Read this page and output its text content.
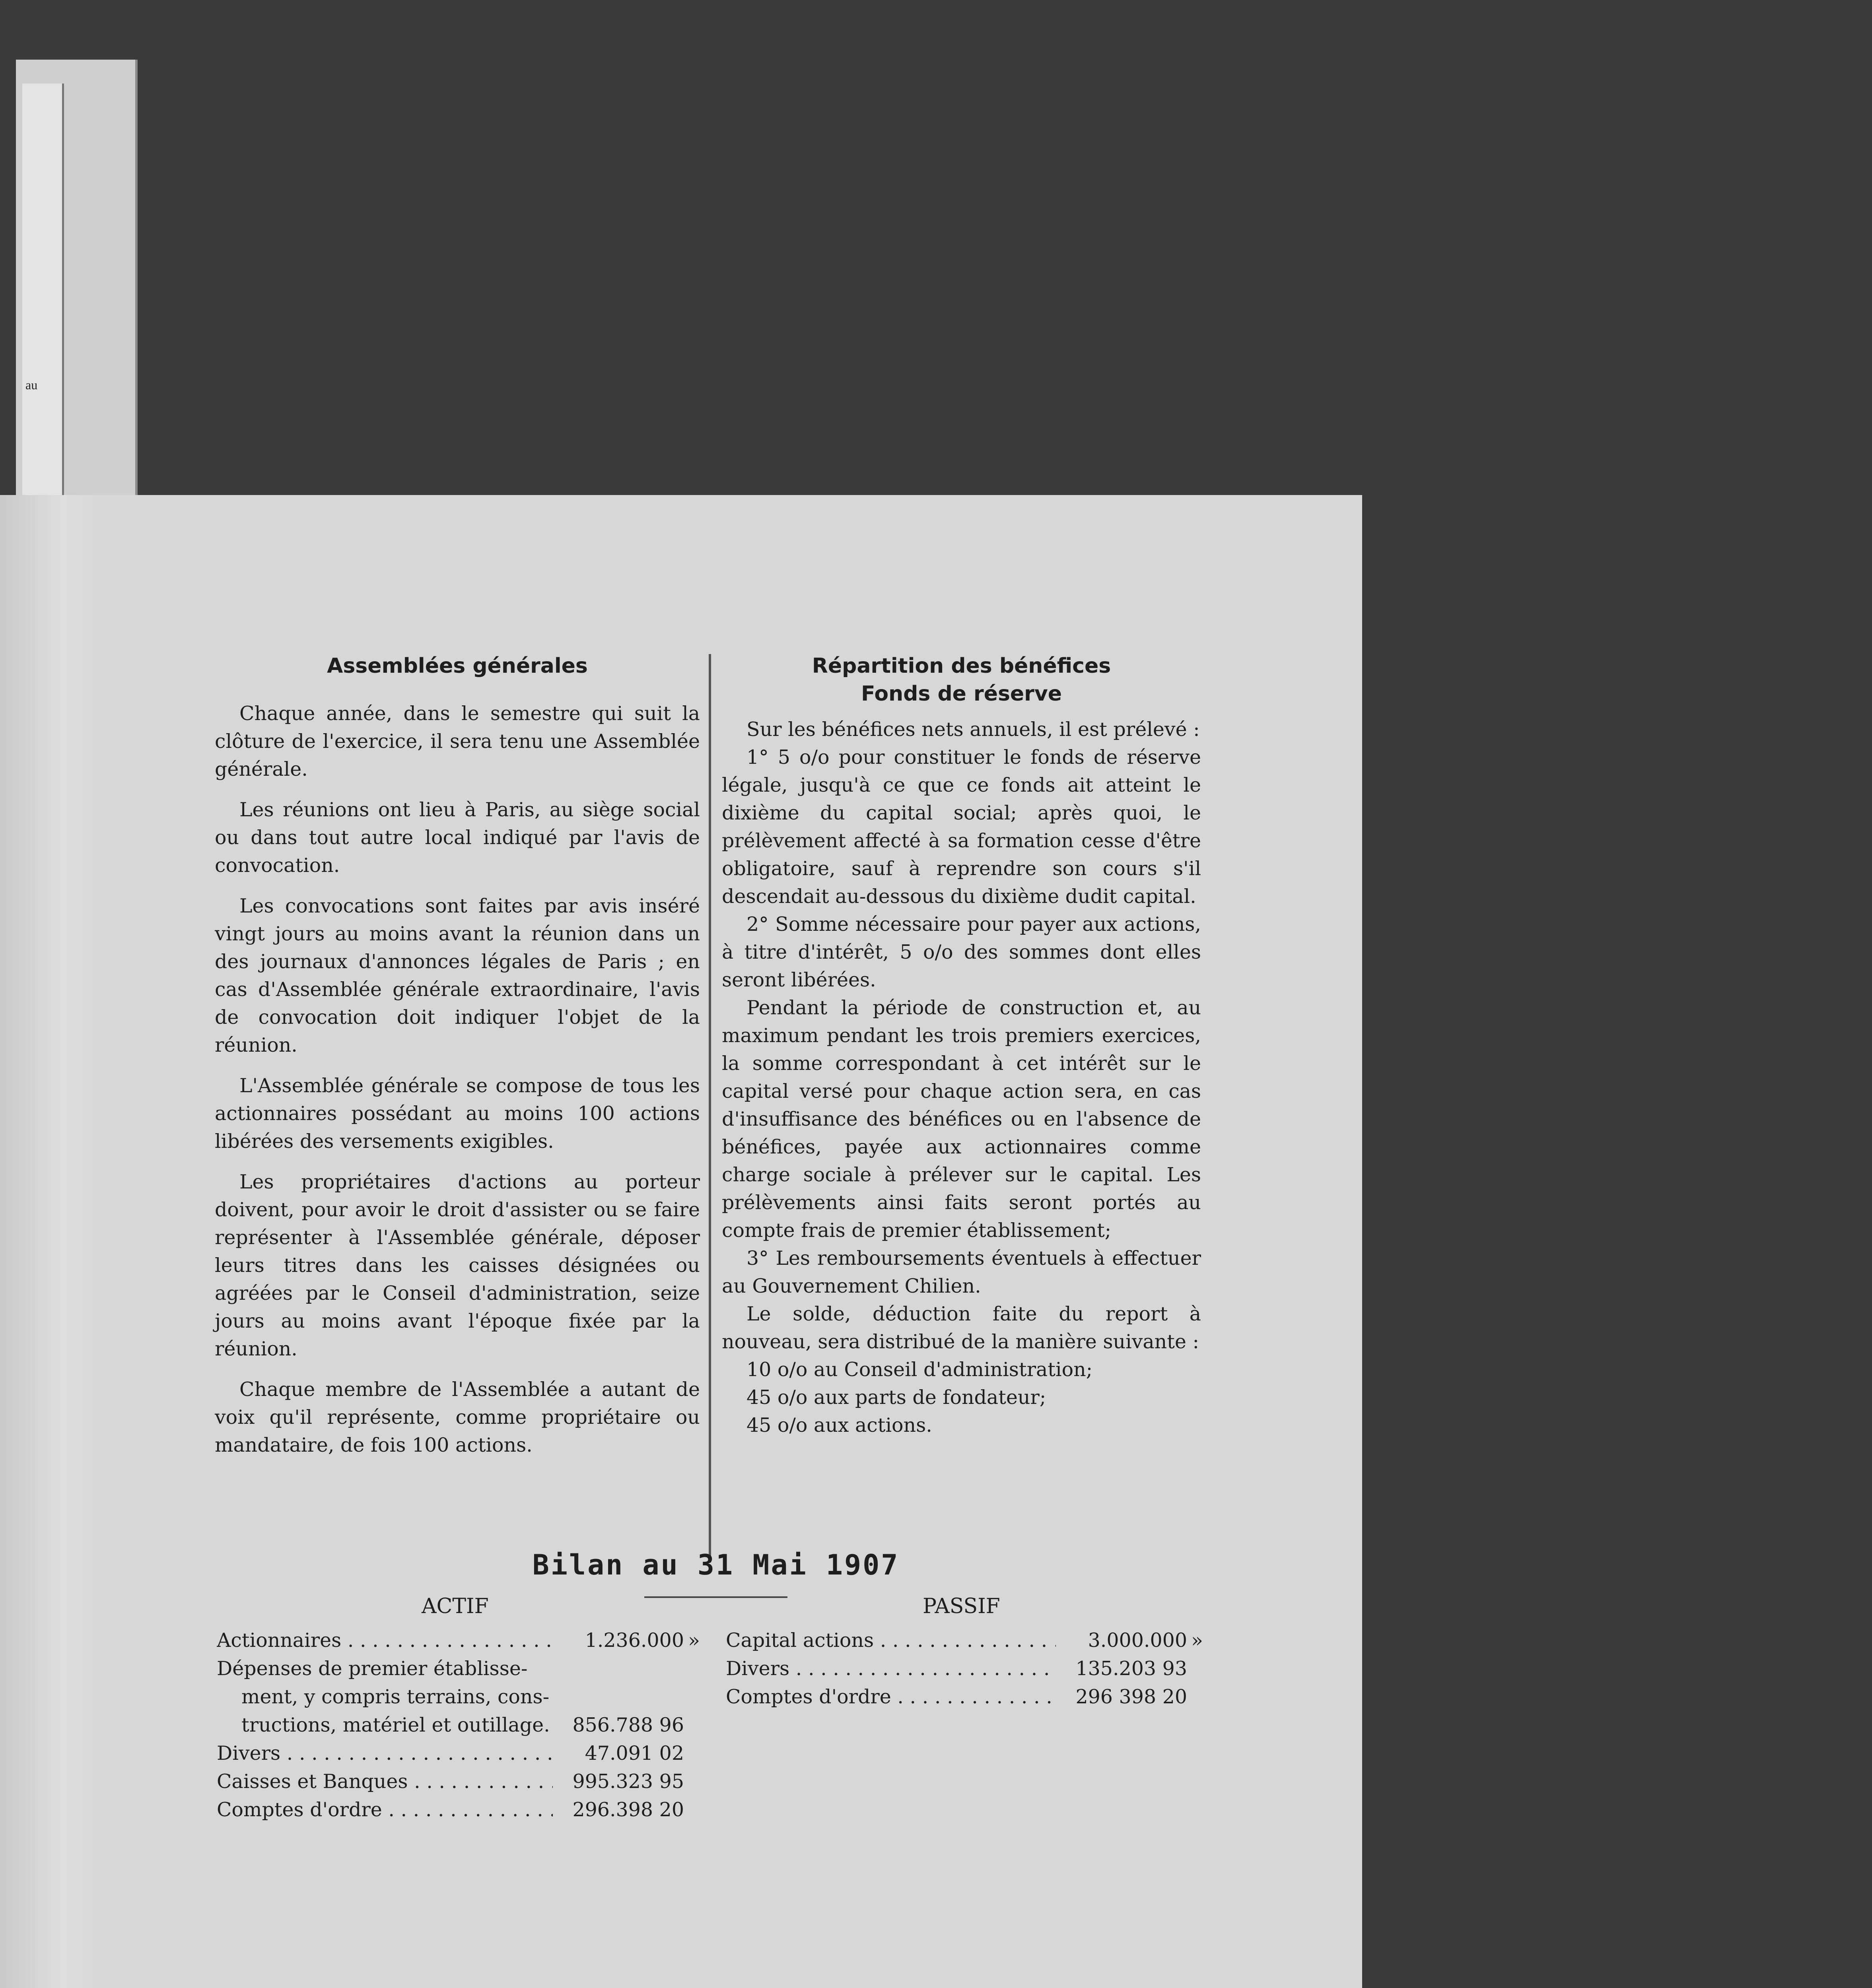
au
Assemblées générales

Chaque année, dans le semestre qui suit la clôture de l'exercice, il sera tenu une Assemblée générale.

Les réunions ont lieu à Paris, au siège social ou dans tout autre local indiqué par l'avis de convocation.

Les convocations sont faites par avis inséré vingt jours au moins avant la réunion dans un des journaux d'annonces légales de Paris ; en cas d'Assemblée générale extraordinaire, l'avis de convocation doit indiquer l'objet de la réunion.

L'Assemblée générale se compose de tous les actionnaires possédant au moins 100 actions libérées des versements exigibles.

Les propriétaires d'actions au porteur doivent, pour avoir le droit d'assister ou se faire représenter à l'Assemblée générale, déposer leurs titres dans les caisses désignées ou agréées par le Conseil d'administration, seize jours au moins avant l'époque fixée par la réunion.

Chaque membre de l'Assemblée a autant de voix qu'il représente, comme propriétaire ou mandataire, de fois 100 actions.

Répartition des bénéfices
Fonds de réserve

Sur les bénéfices nets annuels, il est prélevé :

1° 5 o/o pour constituer le fonds de réserve légale, jusqu'à ce que ce fonds ait atteint le dixième du capital social; après quoi, le prélèvement affecté à sa formation cesse d'être obligatoire, sauf à reprendre son cours s'il descendait au-dessous du dixième dudit capital.

2° Somme nécessaire pour payer aux actions, à titre d'intérêt, 5 o/o des sommes dont elles seront libérées.

Pendant la période de construction et, au maximum pendant les trois premiers exercices, la somme correspondant à cet intérêt sur le capital versé pour chaque action sera, en cas d'insuffisance des bénéfices ou en l'absence de bénéfices, payée aux actionnaires comme charge sociale à prélever sur le capital. Les prélèvements ainsi faits seront portés au compte frais de premier établissement;

3° Les remboursements éventuels à effectuer au Gouvernement Chilien.

Le solde, déduction faite du report à nouveau, sera distribué de la manière suivante :

10 o/o au Conseil d'administration;

45 o/o aux parts de fondateur;

45 o/o aux actions.

Bilan au 31 Mai 1907
ACTIF	PASSIF
Actionnaires . . .	1.236.000 »
Dépenses de premier établisse-
ment, y compris terrains, cons-
tructions, matériel et outillage.	856.788 96
Divers . . .	47.091 02
Caisses et Banques . . .	995.323 95
Comptes d'ordre . . .	296.398 20
Capital actions . . .	3.000.000 »
Divers . . .	135.203 93
Comptes d'ordre . . .	296 398 20
